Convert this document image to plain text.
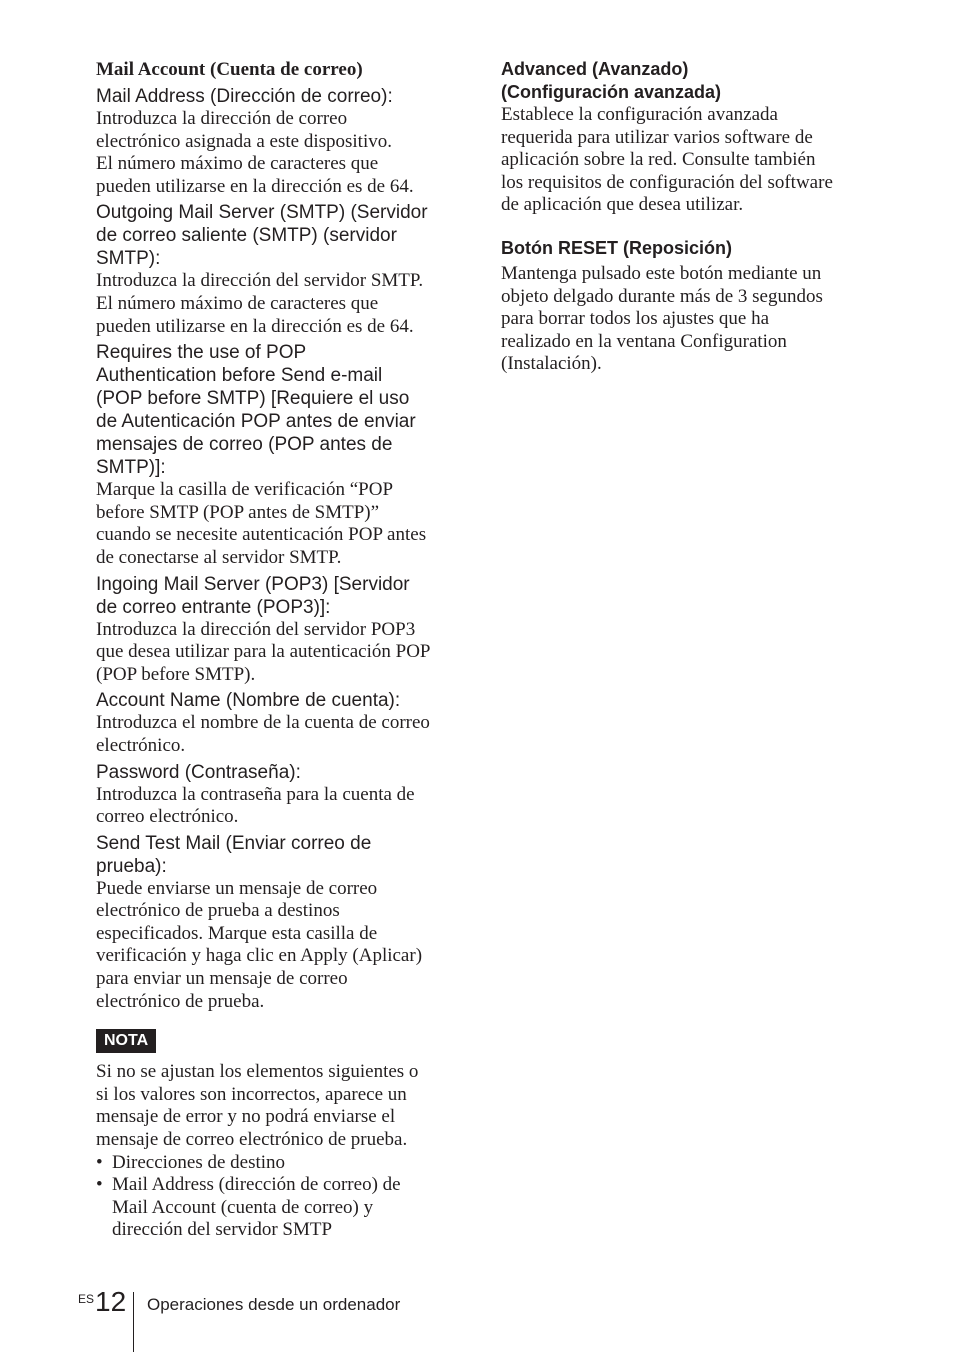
Mail Account (Cuenta de correo)
Mail Address (Dirección de correo):
Introduzca la dirección de correo
electrónico asignada a este dispositivo.
El número máximo de caracteres que
pueden utilizarse en la dirección es de 64.
Outgoing Mail Server (SMTP) (Servidor
de correo saliente (SMTP) (servidor
SMTP):
Introduzca la dirección del servidor SMTP.
El número máximo de caracteres que
pueden utilizarse en la dirección es de 64.
Requires the use of POP
Authentication before Send e-mail
(POP before SMTP) [Requiere el uso
de Autenticación POP antes de enviar
mensajes de correo (POP antes de
SMTP)]:
Marque la casilla de verificación “POP
before SMTP (POP antes de SMTP)”
cuando se necesite autenticación POP antes
de conectarse al servidor SMTP.
Ingoing Mail Server (POP3) [Servidor
de correo entrante (POP3)]:
Introduzca la dirección del servidor POP3
que desea utilizar para la autenticación POP
(POP before SMTP).
Account Name (Nombre de cuenta):
Introduzca el nombre de la cuenta de correo
electrónico.
Password (Contraseña):
Introduzca la contraseña para la cuenta de
correo electrónico.
Send Test Mail (Enviar correo de
prueba):
Puede enviarse un mensaje de correo
electrónico de prueba a destinos
especificados. Marque esta casilla de
verificación y haga clic en Apply (Aplicar)
para enviar un mensaje de correo
electrónico de prueba.
NOTA
Si no se ajustan los elementos siguientes o
si los valores son incorrectos, aparece un
mensaje de error y no podrá enviarse el
mensaje de correo electrónico de prueba.
• Direcciones de destino
• Mail Address (dirección de correo) de
Mail Account (cuenta de correo) y
dirección del servidor SMTP
Advanced (Avanzado)
(Configuración avanzada)
Establece la configuración avanzada
requerida para utilizar varios software de
aplicación sobre la red. Consulte también
los requisitos de configuración del software
de aplicación que desea utilizar.
Botón RESET (Reposición)
Mantenga pulsado este botón mediante un
objeto delgado durante más de 3 segundos
para borrar todos los ajustes que ha
realizado en la ventana Configuration
(Instalación).
ES 12 Operaciones desde un ordenador
